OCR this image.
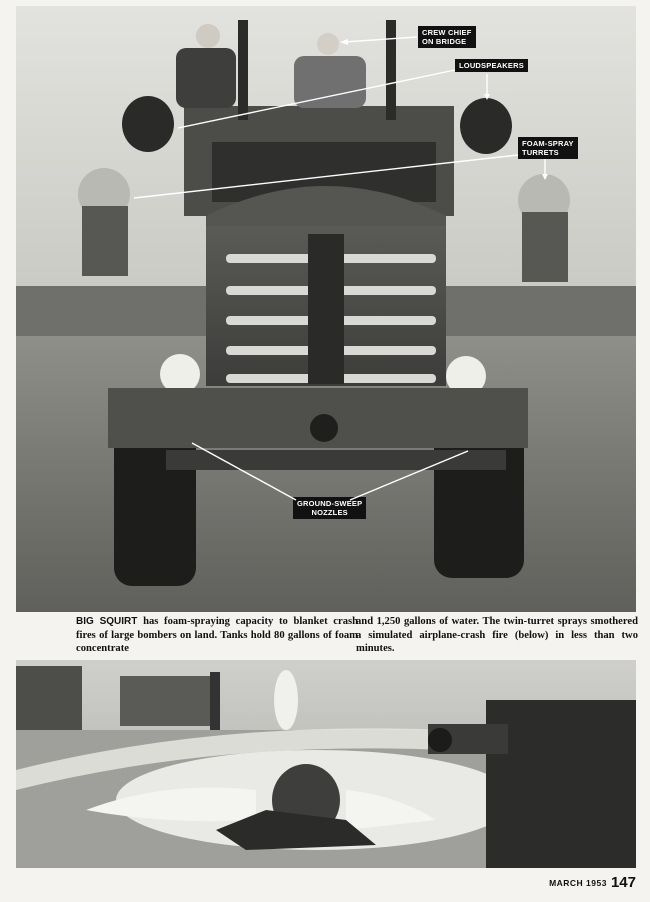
CREW CHIEF
ON BRIDGE
LOUDSPEAKERS
FOAM-SPRAY
TURRETS
GROUND-SWEEP
NOZZLES
BIG SQUIRT has foam-spraying capacity to blanket crash fires of large bombers on land. Tanks hold 80 gallons of foam concentrate
and 1,250 gallons of water. The twin-turret sprays smothered a simulated airplane-crash fire (below) in less than two minutes.
MARCH 1953 147
